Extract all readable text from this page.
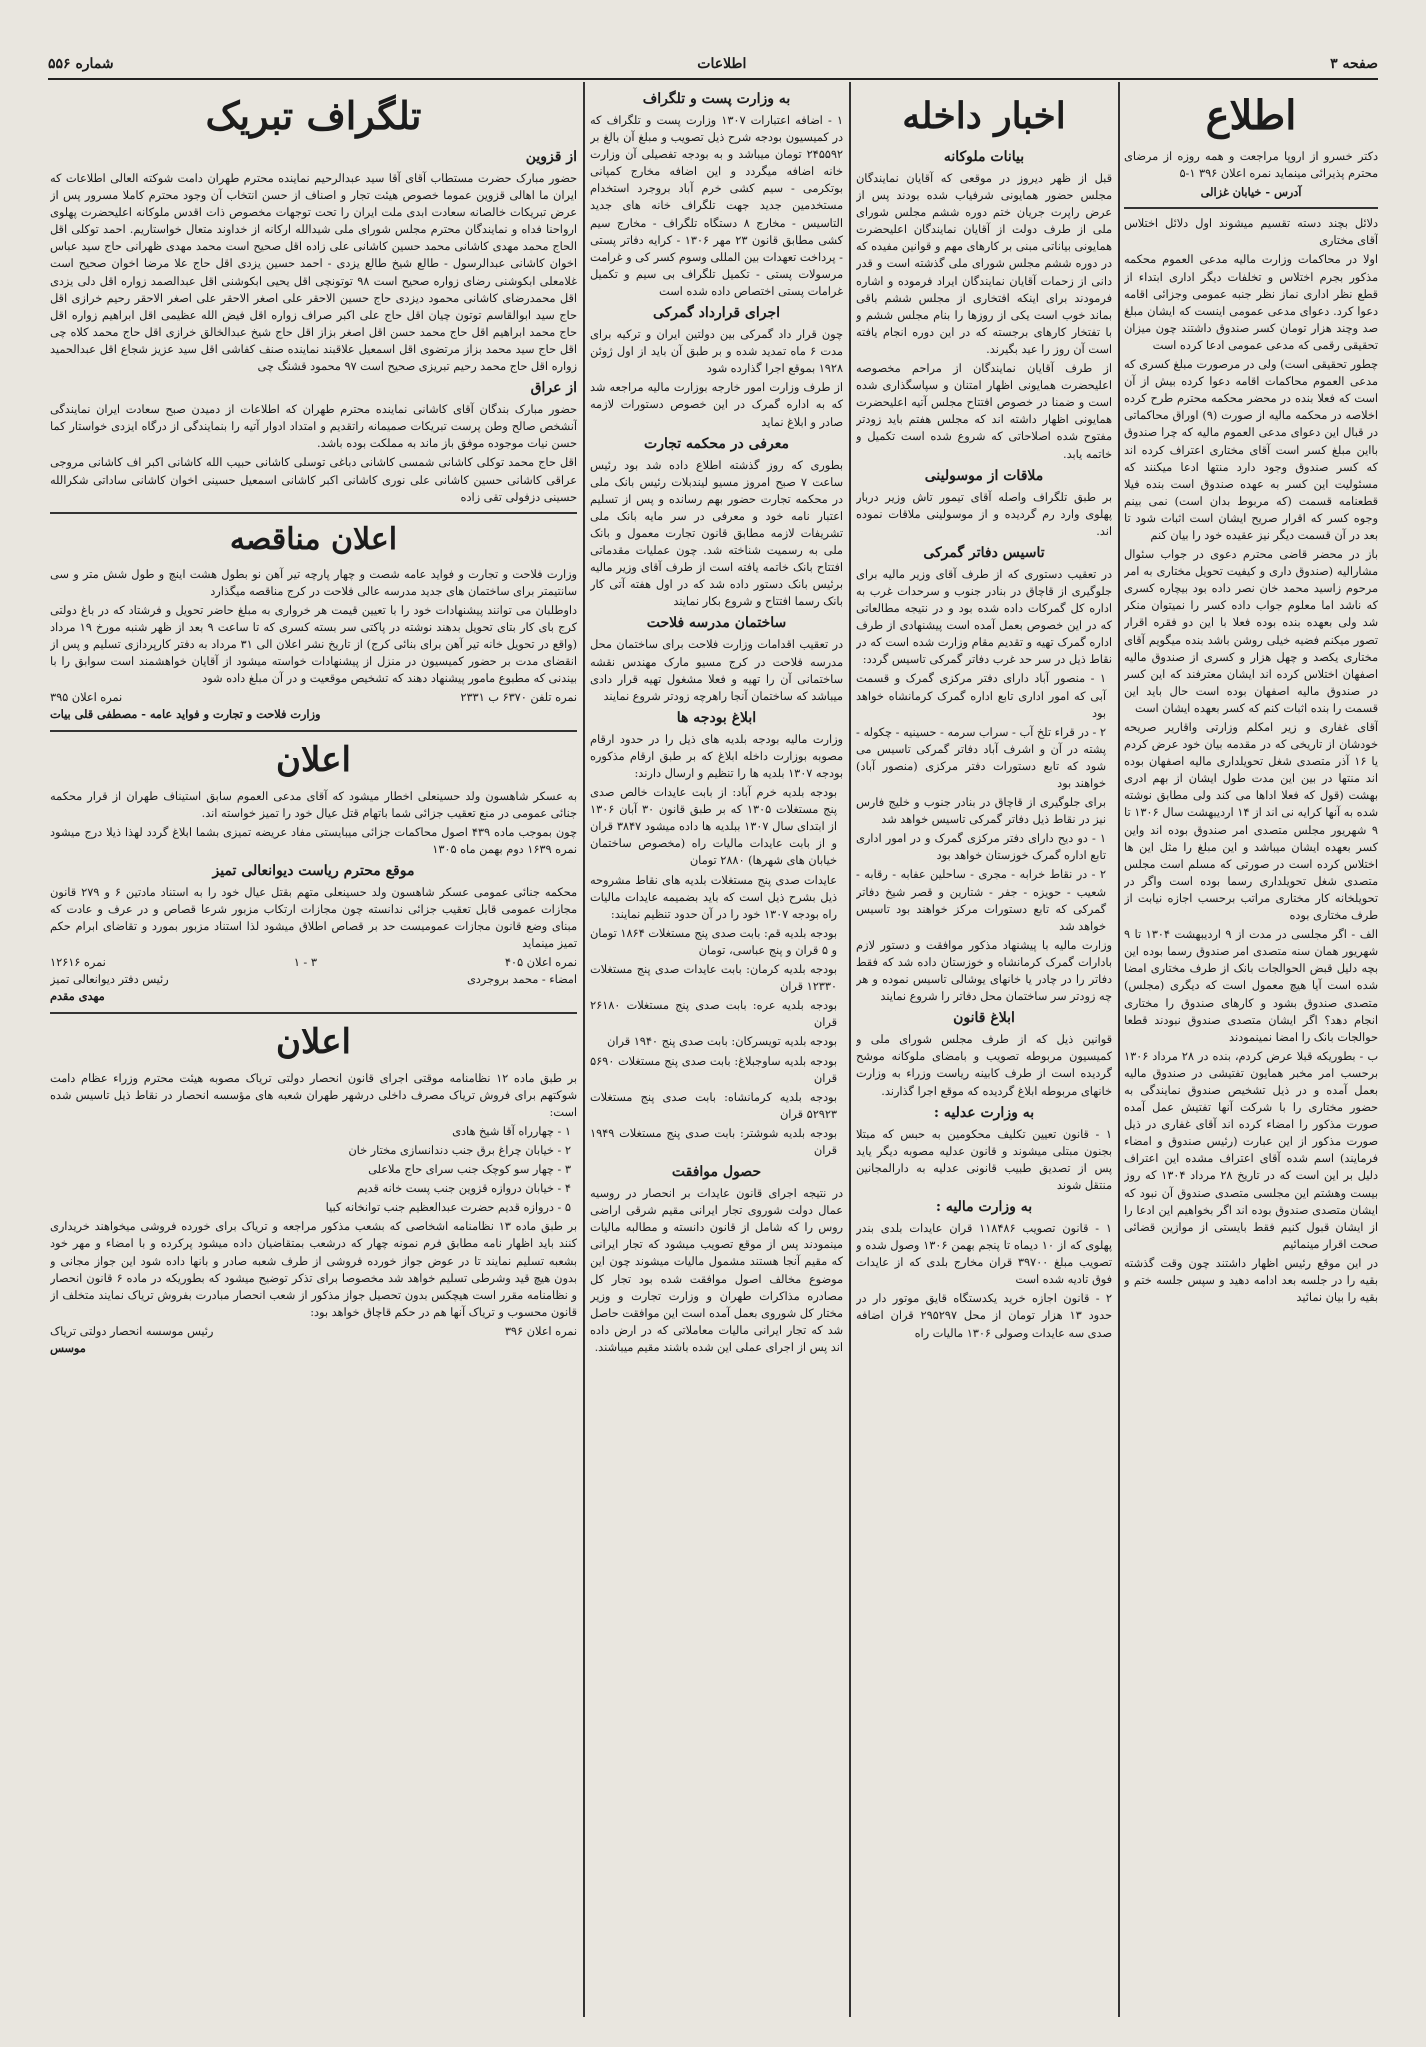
صفحه ۳
اطلاعات
شماره ۵۵۶
اطلاع

دکتر خسرو از اروپا مراجعت و همه روزه از مرضای محترم پذیرائی مینماید نمره اعلان ۳۹۶ ۱-۵

آدرس - خیابان غزالی

دلائل بچند دسته تقسیم میشوند اول دلائل اختلاس آقای مختاری

اولا در محاکمات وزارت مالیه مدعی العموم محکمه مذکور بجرم اختلاس و تخلفات دیگر اداری ابتداء از قطع نظر اداری نماز نظر جنبه عمومی وجزائی اقامه دعوا کرد. دعوای مدعی عمومی اینست که ایشان مبلغ صد وچند هزار تومان کسر صندوق داشتند چون میزان تحقیقی رقمی که مدعی عمومی ادعا کرده است

چطور تحقیقی است) ولی در مرصورت مبلغ کسری که مدعی العموم محاکمات اقامه دعوا کرده بیش از آن است که فعلا بنده در محضر محکمه محترم طرح کرده اخلاصه در محکمه مالیه از صورت (۹) اوراق محاکماتی در قبال این دعوای مدعی العموم مالیه که چرا صندوق بااین مبلغ کسر است آقای مختاری اعتراف کرده اند که کسر صندوق وجود دارد منتها ادعا میکنند که مسئولیت این کسر به عهده صندوق است بنده فیلا قطعنامه قسمت (که مربوط بدان است) نمی بینم وجوه کسر که اقرار صریح ایشان است اثبات شود تا بعد در آن قسمت دیگر نیز عقیده خود را بیان کنم

باز در محضر قاضی محترم دعوی در جواب سئوال مشاراليه (صندوق داری و کیفیت تحویل مختاری به امر مرحوم زاسید محمد خان نصر داده بود بیچاره کسری که ناشد اما معلوم جواب داده کسر را نمیتوان منکر شد ولی بعهده بنده بوده فعلا با این دو فقره اقرار تصور میکنم فضیه خیلی روشن باشد بنده میگویم آقای مختاری یکصد و چهل هزار و کسری از صندوق مالیه اصفهان اختلاس کرده اند ایشان معترفند که این کسر در صندوق مالیه اصفهان بوده است حال باید این قسمت را بنده اثبات کنم که کسر بعهده ایشان است

آقای غفاری و زیر امکلم وزارتی واقاریر صریحه خودشان از تاریخی که در مقدمه بیان خود عرض کردم یا ۱۶ آذر متصدی شغل تحویلداری مالیه اصفهان بوده اند منتها در بین این مدت طول ایشان از بهم ادری بهشت (قول که فعلا اداها می کند ولی مطابق نوشته شده به آنها کرایه نی اند از ۱۴ اردیبهشت سال ۱۳۰۶ تا ۹ شهریور مجلس متصدی امر صندوق بوده اند واین کسر بعهده ایشان میباشد و این مبلغ را مثل این ها اختلاس کرده است در صورتی که مسلم است مجلس متصدی شغل تحویلداری رسما بوده است واگر در تحویلخانه کار مختاری مراتب برحسب اجازه نیابت از طرف مختاری بوده

الف - اگر مجلسی در مدت از ۹ اردیبهشت ۱۳۰۴ تا ۹ شهریور همان سنه متصدی امر صندوق رسما بوده این بچه دلیل قبض الحوالجات بانک از طرف مختاری امضا شده است آیا هیچ معمول است که دیگری (مجلس) متصدی صندوق بشود و کارهای صندوق را مختاری انجام دهد؟ اگر ایشان متصدی صندوق نبودند قطعا حوالجات بانک را امضا نمینمودند

ب - بطوریکه قبلا عرض کردم، بنده در ۲۸ مرداد ۱۳۰۶ برحسب امر مخبر همایون تفتیشی در صندوق مالیه بعمل آمده و در ذیل تشخیص صندوق نمایندگی به حضور مختاری را با شرکت آنها تفتیش عمل آمده صورت مذکور را امضاء کرده اند آقای غفاری در ذیل صورت مذکور از این عبارت (رئیس صندوق و امضاء فرمایند) اسم شده آقای اعتراف مشده این اعتراف دلیل بر این است که در تاریخ ۲۸ مرداد ۱۳۰۴ که روز بیست وهشتم این مجلسی متصدی صندوق آن نبود که ایشان متصدی صندوق بوده اند اگر بخواهیم این ادعا را از ایشان قبول کنیم فقط بایستی از موازین قضائی صحت اقرار مینمائیم

در این موقع رئیس اظهار داشتند چون وقت گذشته بقیه را در جلسه بعد ادامه دهید و سپس جلسه ختم و بقیه را بیان نمائید

اخبار داخله
بیانات ملوکانه

قبل از ظهر دیروز در موقعی که آقایان نمایندگان مجلس حضور همایونی شرفیاب شده بودند پس از عرض راپرت جریان ختم دوره ششم مجلس شورای ملی از طرف دولت از آقایان نمایندگان اعلیحضرت همایونی بیاناتی مبنی بر کارهای مهم و قوانین مفیده که در دوره ششم مجلس شورای ملی گذشته است و قدر دانی از زحمات آقایان نمایندگان ایراد فرموده و اشاره فرمودند برای اینکه افتخاری از مجلس ششم باقی بماند خوب است یکی از روزها را بنام مجلس ششم و با تفتخار کارهای برجسته که در این دوره انجام یافته است آن روز را عید بگیرند.

از طرف آقایان نمایندگان از مراحم مخصوصه اعلیحضرت همایونی اظهار امتنان و سپاسگذاری شده است و ضمنا در خصوص افتتاح مجلس آتیه اعلیحضرت همایونی اظهار داشته اند که مجلس هفتم باید زودتر مفتوح شده اصلاحاتی که شروع شده است تکمیل و خاتمه یابد.

ملاقات از موسولینی

بر طبق تلگراف واصله آقای تیمور تاش وزیر دربار پهلوی وارد رم گردیده و از موسولینی ملاقات نموده اند.

تاسیس دفاتر گمرکی

در تعقیب دستوری که از طرف آقای وزیر مالیه برای جلوگیری از قاچاق در بنادر جنوب و سرحدات غرب به اداره کل گمرکات داده شده بود و در نتیجه مطالعاتی که در این خصوص بعمل آمده است پیشنهادی از طرف اداره گمرک تهیه و تقدیم مقام وزارت شده است که در نقاط ذیل در سر حد غرب دفاتر گمرکی تاسیس گردد:

۱ - منصور آباد دارای دفتر مرکزی گمرک و قسمت آبی که امور اداری تابع اداره گمرک کرمانشاه خواهد بود

۲ - در قراء تلخ آب - سراب سرمه - حسینیه - چکوله - پشته در آن و اشرف آباد دفاتر گمرکی تاسیس می شود که تابع دستورات دفتر مرکزی (منصور آباد) خواهند بود

برای جلوگیری از قاچاق در بنادر جنوب و خلیج فارس نیز در نقاط ذیل دفاتر گمرکی تاسیس خواهد شد

۱ - دو دیح دارای دفتر مرکزی گمرک و در امور اداری تابع اداره گمرک خوزستان خواهد بود

۲ - در نقاط خرابه - مجری - ساحلین عفابه - رقابه - شعیب - حویزه - جفر - شتارین و قصر شیخ دفاتر گمرکی که تابع دستورات مرکز خواهند بود تاسیس خواهد شد

وزارت مالیه با پیشنهاد مذکور موافقت و دستور لازم بادارات گمرک کرمانشاه و خوزستان داده شد که فقط دفاتر را در چادر یا خانهای یوشالی تاسیس نموده و هر چه زودتر سر ساختمان محل دفاتر را شروع نمایند

ابلاغ قانون

قوانین ذیل که از طرف مجلس شورای ملی و کمیسیون مربوطه تصویب و بامضای ملوکانه موشح گردیده است از طرف کابینه ریاست وزراء به وزارت خانهای مربوطه ابلاغ گردیده که موقع اجرا گذارند.

به وزارت عدلیه :

۱ - قانون تعیین تکلیف محکومین به حبس که مبتلا بجنون مبتلی میشوند و قانون عدلیه مصوبه دیگر یاید پس از تصدیق طبیب قانونی عدلیه به دارالمجانین منتقل شوند

به وزارت مالیه :

۱ - قانون تصویب ۱۱۸۴۸۶ قران عایدات بلدی بندر پهلوی که از ۱۰ دیماه تا پنجم بهمن ۱۳۰۶ وصول شده و تصویب مبلغ ۳۹۷۰۰ قران مخارج بلدی که از عایدات فوق تادیه شده است

۲ - قانون اجازه خرید یکدستگاه قایق موتور دار در حدود ۱۳ هزار تومان از محل ۲۹۵۲۹۷ قران اضافه صدی سه عایدات وصولی ۱۳۰۶ مالیات راه

به وزارت پست و تلگراف

۱ - اضافه اعتبارات ۱۳۰۷ وزارت پست و تلگراف که در کمیسیون بودجه شرح ذیل تصویب و مبلغ آن بالغ بر ۲۴۵۵۹۲ تومان میباشد و به بودجه تفصیلی آن وزارت خانه اضافه میگردد و این اضافه مخارج کمپانی بوتکرمی - سیم کشی خرم آباد بروجرد استخدام مستخدمین جدید جهت تلگراف خانه های جدید التاسیس - مخارج ۸ دستگاه تلگراف - مخارج سیم کشی مطابق قانون ۲۳ مهر ۱۳۰۶ - کرایه دفاتر پستی - پرداخت تعهدات بین المللی وسوم کسر کی و غرامت مرسولات پستی - تکمیل تلگراف بی سیم و تکمیل غرامات پستی اختصاص داده شده است

اجرای قرارداد گمرکی

چون قرار داد گمرکی بین دولتین ایران و ترکیه برای مدت ۶ ماه تمدید شده و بر طبق آن باید از اول ژوئن ۱۹۲۸ بموقع اجرا گذارده شود

از طرف وزارت امور خارجه بوزارت مالیه مراجعه شد که به اداره گمرک در این خصوص دستورات لازمه صادر و ابلاغ نماید

معرفی در محکمه تجارت

بطوری که روز گذشته اطلاع داده شد بود رئیس ساعت ۷ صبح امروز مسیو لیندبلات رئیس بانک ملی در محکمه تجارت حضور بهم رسانده و پس از تسلیم اعتبار نامه خود و معرفی در سر مایه بانک ملی تشریفات لازمه مطابق قانون تجارت معمول و بانک ملی به رسمیت شناخته شد. چون عملیات مقدماتی افتتاح بانک خاتمه یافته است از طرف آقای وزیر مالیه برئیس بانک دستور داده شد که در اول هفته آتی کار بانک رسما افتتاح و شروع بکار نمایند

ساختمان مدرسه فلاحت

در تعقیب اقدامات وزارت فلاحت برای ساختمان محل مدرسه فلاحت در کرج مسیو مارک مهندس نقشه ساختمانی آن را تهیه و فعلا مشغول تهیه قرار دادی میباشد که ساختمان آنجا راهرچه زودتر شروع نمایند

ابلاغ بودجه ها

وزارت مالیه بودجه بلدیه های ذیل را در حدود ارقام مصوبه بوزارت داخله ابلاغ که بر طبق ارقام مذکوره بودجه ۱۳۰۷ بلدیه ها را تنظیم و ارسال دارند:

بودجه بلدیه خرم آباد: از بابت عایدات خالص صدی پنج مستغلات ۱۳۰۵ که بر طبق قانون ۳۰ آبان ۱۳۰۶ از ابتدای سال ۱۳۰۷ ببلدیه ها داده میشود ۳۸۴۷ قران و از بابت عایدات مالیات راه (مخصوص ساختمان خیابان های شهرها) ۲۸۸۰ تومان

عایدات صدی پنج مستغلات بلدیه های نقاط مشروحه ذیل بشرح ذیل است که باید بضمیمه عایدات مالیات راه بودجه ۱۳۰۷ خود را در آن حدود تنظیم نمایند:

بودجه بلدیه قم: بابت صدی پنج مستغلات ۱۸۶۴ تومان و ۵ قران و پنج عباسی، تومان

بودجه بلدیه کرمان: بابت عایدات صدی پنج مستغلات ۱۲۳۳۰ قران

بودجه بلدیه عره: بابت صدی پنج مستغلات ۲۶۱۸۰ قران

بودجه بلدیه تویسرکان: بابت صدی پنج ۱۹۴۰ قران

بودجه بلدیه ساوجبلاغ: بابت صدی پنج مستغلات ۵۶۹۰ قران

بودجه بلدیه کرمانشاه: بابت صدی پنج مستغلات ۵۲۹۲۳ قران

بودجه بلدیه شوشتر: بابت صدی پنج مستغلات ۱۹۴۹ قران

حصول موافقت

در نتیجه اجرای قانون عایدات بر انحصار در روسیه عمال دولت شوروی تجار ایرانی مقیم شرقی اراضی روس را که شامل از قانون دانسته و مطالبه مالیات مینمودند پس از موقع تصویب میشود که تجار ایرانی که مقیم آنجا هستند مشمول مالیات میشوند چون این موضوع مخالف اصول موافقت شده بود تجار کل مصادره مذاکرات طهران و وزارت تجارت و وزیر مختار کل شوروی بعمل آمده است این موافقت حاصل شد که تجار ایرانی مالیات معاملاتی که در ارض داده اند پس از اجرای عملی این شده باشند مقیم میباشند.

تلگراف تبریک
از قزوین

حضور مبارک حضرت مستطاب آقای آقا سید عبدالرحیم نماینده محترم طهران دامت شوکته العالی اطلاعات که ایران ما اهالی قزوین عموما خصوص هیئت تجار و اصناف از حسن انتخاب آن وجود محترم کاملا مسرور پس از عرض تبریکات خالصانه سعادت ابدی ملت ایران را تحت توجهات مخصوص ذات اقدس ملوکانه اعلیحضرت پهلوی ارواحنا فداه و نمایندگان محترم مجلس شورای ملی شیدالله ارکانه از خداوند متعال خواستاریم. احمد توکلی اقل الحاج محمد مهدی کاشانی محمد حسین کاشانی علی زاده اقل صحیح است محمد مهدی ظهرانی حاج سید عباس اخوان کاشانی عبدالرسول - طالع شیخ طالع یزدی - احمد حسین یزدی اقل حاج علا مرضا اخوان صحیح است غلامعلی ابکوشنی رضای زواره صحیح است ۹۸ توتونچی اقل یحیی ابکوشنی اقل عبدالصمد زواره اقل دلی یزدی اقل محمدرضای کاشانی محمود دیزدی حاج حسین الاحقر علی اصغر الاحقر علی اصغر الاحقر رحیم خرازی اقل حاج سید ابوالقاسم توتون چیان اقل حاج علی اکبر صراف زواره اقل فیض الله عظیمی اقل ابراهیم زواره اقل حاج محمد ابراهیم اقل حاج محمد حسن اقل اصغر بزاز اقل حاج شیخ عبدالخالق خرازی اقل حاج محمد کلاه چی اقل حاج سید محمد بزاز مرتضوی اقل اسمعیل علاقبند نماینده صنف کفاشی اقل سید عزیز شجاع اقل عبدالحمید زواره اقل حاج محمد رحیم تبریزی صحیح است ۹۷ محمود قشنگ چی

از عراق

حضور مبارک بندگان آقای کاشانی نماینده محترم طهران که اطلاعات از دمیدن صبح سعادت ایران نمایندگی آنشخص صالح وطن پرست تبریکات صمیمانه راتقدیم و امتداد ادوار آتیه را بنمایندگی از درگاه ایزدی خواستار کما حسن نیات موجوده موفق باز ماند به مملکت بوده باشد.

اقل حاج محمد توکلی کاشانی شمسی کاشانی دباغی توسلی کاشانی حبیب الله کاشانی اکبر اف کاشانی مروجی عراقی کاشانی حسین کاشانی علی نوری کاشانی اکبر کاشانی اسمعیل حسینی اخوان کاشانی ساداتی شکرالله حسینی دزفولی تقی زاده

اعلان مناقصه

وزارت فلاحت و تجارت و فواید عامه شصت و چهار پارچه تیر آهن نو بطول هشت اینچ و طول شش متر و سی سانتیمتر برای ساختمان های جدید مدرسه عالی فلاحت در کرج مناقصه میگذارد

داوطلبان می توانند پیشنهادات خود را با تعیین قیمت هر خرواری به مبلغ حاضر تحویل و فرشتاد که در باغ دولتی کرج بای کار بتای تحویل بدهند نوشته در پاکتی سر بسته کسری که تا ساعت ۹ بعد از ظهر شنبه مورخ ۱۹ مرداد (واقع در تحویل خانه تیر آهن برای بنائی کرج) از تاریخ نشر اعلان الی ۳۱ مرداد به دفتر کارپردازی تسلیم و پس از انقضای مدت بر حضور کمیسیون در منزل از پیشنهادات خواسته میشود از آقایان خواهشمند است سوابق را با بیندنی که مطبوع مامور پیشنهاد دهند که تشخیص موقعیت و در آن مبلغ داده شود

نمره تلفن ۶۳۷۰ ب ۲۳۳۱
نمره اعلان ۳۹۵

وزارت فلاحت و تجارت و فواید عامه - مصطفی قلی بیات

اعلان

به عسکر شاهسون ولد حسینعلی اخطار میشود که آقای مدعی العموم سابق استیناف طهران از قرار محکمه جنائی عمومی در منع تعقیب جزائی شما باتهام قتل عیال خود را تمیز خواسته اند.

چون بموجب ماده ۴۳۹ اصول محاکمات جزائی میبایستی مفاد عریضه تمیزی بشما ابلاغ گردد لهذا ذیلا درج میشود نمره ۱۶۳۹ دوم بهمن ماه ۱۳۰۵

موقع محترم ریاست دیوانعالی تمیز

محکمه جنائی عمومی عسکر شاهسون ولد حسینعلی متهم بقتل عیال خود را به استناد مادتین ۶ و ۲۷۹ قانون مجازات عمومی قابل تعقیب جزائی ندانسته چون مجازات ارتکاب مزبور شرعا قصاص و در عرف و عادت که مبنای وضع قانون مجازات عمومیست حد بر قصاص اطلاق میشود لذا استناد مزبور بمورد و تقاضای ابرام حکم تمیز مینماید

نمره اعلان ۴۰۵
۳ - ۱
نمره ۱۲۶۱۶
امضاء - محمد بروجردی
رئیس دفتر دیوانعالی تمیز

مهدی مقدم

اعلان

بر طبق ماده ۱۲ نظامنامه موقتی اجرای قانون انحصار دولتی تریاک مصوبه هیئت محترم وزراء عظام دامت شوکتهم برای فروش تریاک مصرف داخلی درشهر طهران شعبه های مؤسسه انحصار در نقاط ذیل تاسیس شده است:

۱ - چهارراه آقا شیخ هادی

۲ - خیابان چراغ برق جنب دندانسازی مختار خان

۳ - چهار سو کوچک جنب سرای حاج ملاعلی

۴ - خیابان دروازه قزوین جنب پست خانه قدیم

۵ - دروازه قدیم حضرت عبدالعظیم جنب توانخانه کبیا

بر طبق ماده ۱۳ نظامنامه اشخاصی که بشعب مذکور مراجعه و تریاک برای خورده فروشی میخواهند خریداری کنند باید اظهار نامه مطابق فرم نمونه چهار که درشعب بمتقاضیان داده میشود پرکرده و با امضاء و مهر خود بشعبه تسلیم نمایند تا در عوض جواز خورده فروشی از طرف شعبه صادر و بانها داده شود این جواز مجانی و بدون هیچ قید وشرطی تسلیم خواهد شد مخصوصا برای تذکر توضیح میشود که بطوریکه در ماده ۶ قانون انحصار و نظامنامه مقرر است هیچکس بدون تحصیل جواز مذکور از شعب انحصار مبادرت بفروش تریاک نمایند متخلف از قانون محسوب و تریاک آنها هم در حکم قاچاق خواهد بود:

نمره اعلان ۳۹۶
رئیس موسسه انحصار دولتی تریاک

موسس
